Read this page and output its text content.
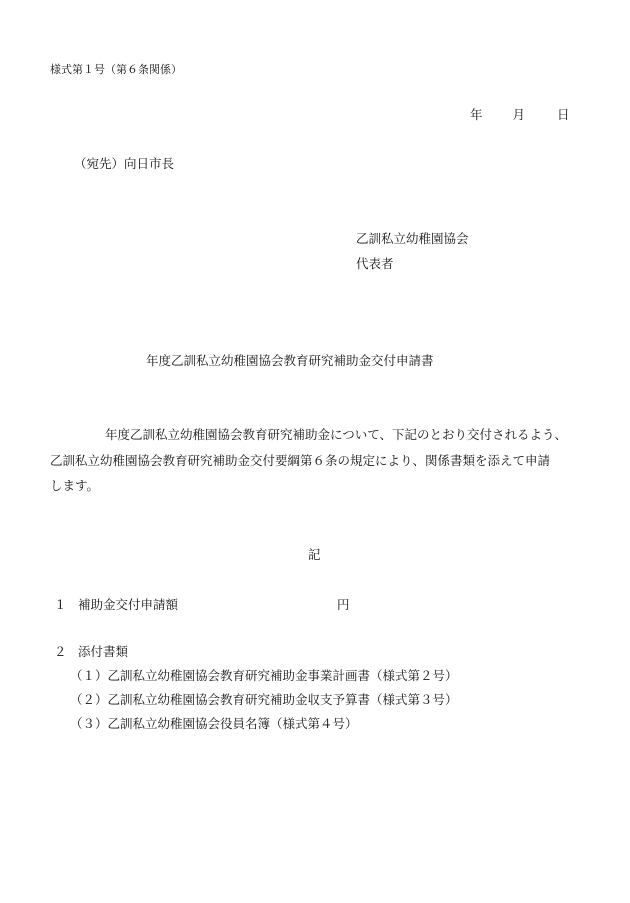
様式第１号（第６条関係）
年 月	日
（宛先）向日市長
乙訓私立幼稚園協会
代表者
年度乙訓私立幼稚園協会教育研究補助金交付申請書
年度乙訓私立幼稚園協会教育研究補助金について、下記のとおり交付されるよう、
乙訓私立幼稚園協会教育研究補助金交付要綱第６条の規定により、関係書類を添えて申請
します。
記
１ 補助金交付申請額	円
２ 添付書類
（１）乙訓私立幼稚園協会教育研究補助金事業計画書（様式第２号）
（２）乙訓私立幼稚園協会教育研究補助金収支予算書（様式第３号）
（３）乙訓私立幼稚園協会役員名簿（様式第４号）
